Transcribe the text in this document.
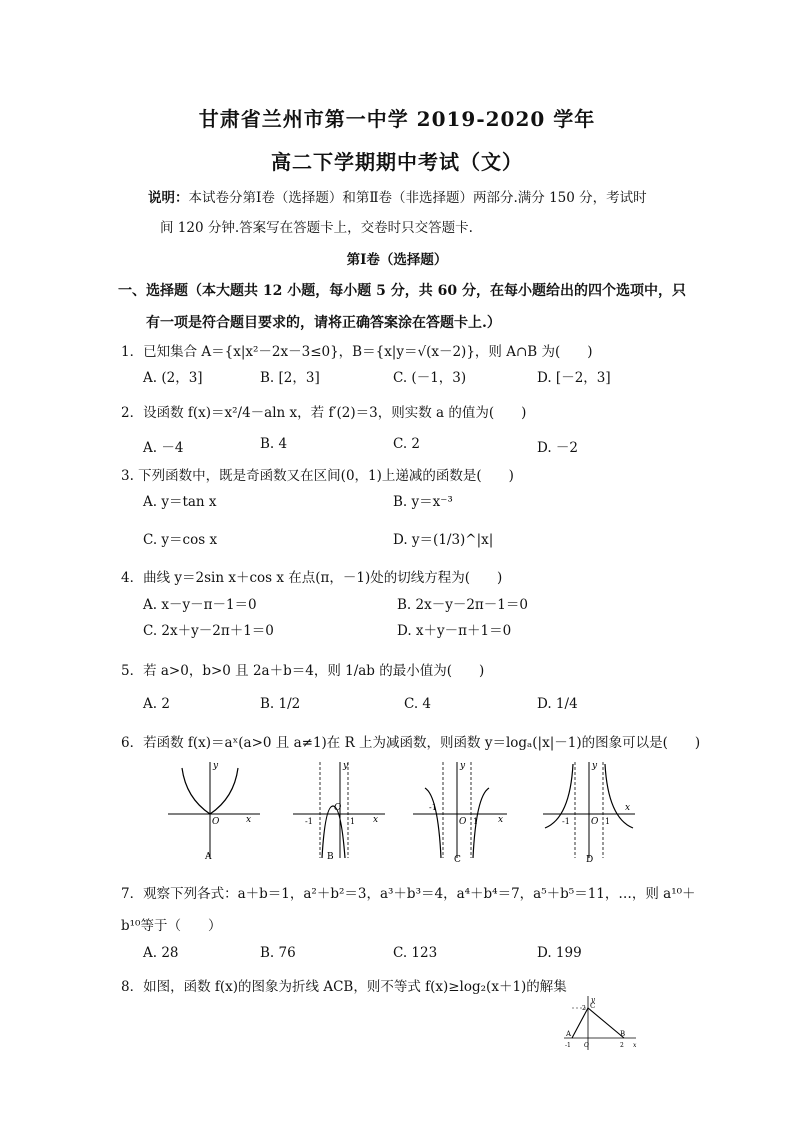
甘肃省兰州市第一中学 2019-2020 学年
高二下学期期中考试（文）
说明：本试卷分第Ⅰ卷（选择题）和第Ⅱ卷（非选择题）两部分.满分 150 分，考试时
间 120 分钟.答案写在答题卡上，交卷时只交答题卡.
第Ⅰ卷（选择题）
一、选择题（本大题共 12 小题，每小题 5 分，共 60 分，在每小题给出的四个选项中，只
有一项是符合题目要求的，请将正确答案涂在答题卡上.）
1．已知集合 A＝{x|x²－2x－3≤0}，B＝{x|y＝√(x－2)}，则 A∩B 为(　　)
A. (2，3]	B. [2，3]	C. (－1，3)	D. [－2，3]
2．设函数 f(x)＝x²/4－aln x，若 f′(2)＝3，则实数 a 的值为(　　)
A. －4	B. 4	C. 2	D. －2
3. 下列函数中，既是奇函数又在区间(0，1)上递减的函数是(　　)
A. y＝tan x	B. y＝x⁻³
C. y＝cos x	D. y＝(1/3)^|x|
4．曲线 y＝2sin x＋cos x 在点(π，－1)处的切线方程为(　　)
A. x－y－π－1＝0	B. 2x－y－2π－1＝0
C. 2x＋y－2π＋1＝0	D. x＋y－π＋1＝0
5．若 a>0，b>0 且 2a＋b＝4，则 1/ab 的最小值为(　　)
A. 2	B. 1/2	C. 4	D. 1/4
6．若函数 f(x)＝aˣ(a>0 且 a≠1)在 R 上为减函数，则函数 y＝logₐ(|x|－1)的图象可以是(　　)
y
x
O
A
y
x
O
-1	1
B
y
x
O
-1
1
C
y
x
O
-1	1
D
7．观察下列各式：a＋b＝1，a²＋b²＝3，a³＋b³＝4，a⁴＋b⁴＝7，a⁵＋b⁵＝11，…，则 a¹⁰＋
b¹⁰等于（　　）
A. 28	B. 76	C. 123	D. 199
8．如图，函数 f(x)的图象为折线 ACB，则不等式 f(x)≥log₂(x＋1)的解集
y
C
2
A	B
-1 O	2 x
